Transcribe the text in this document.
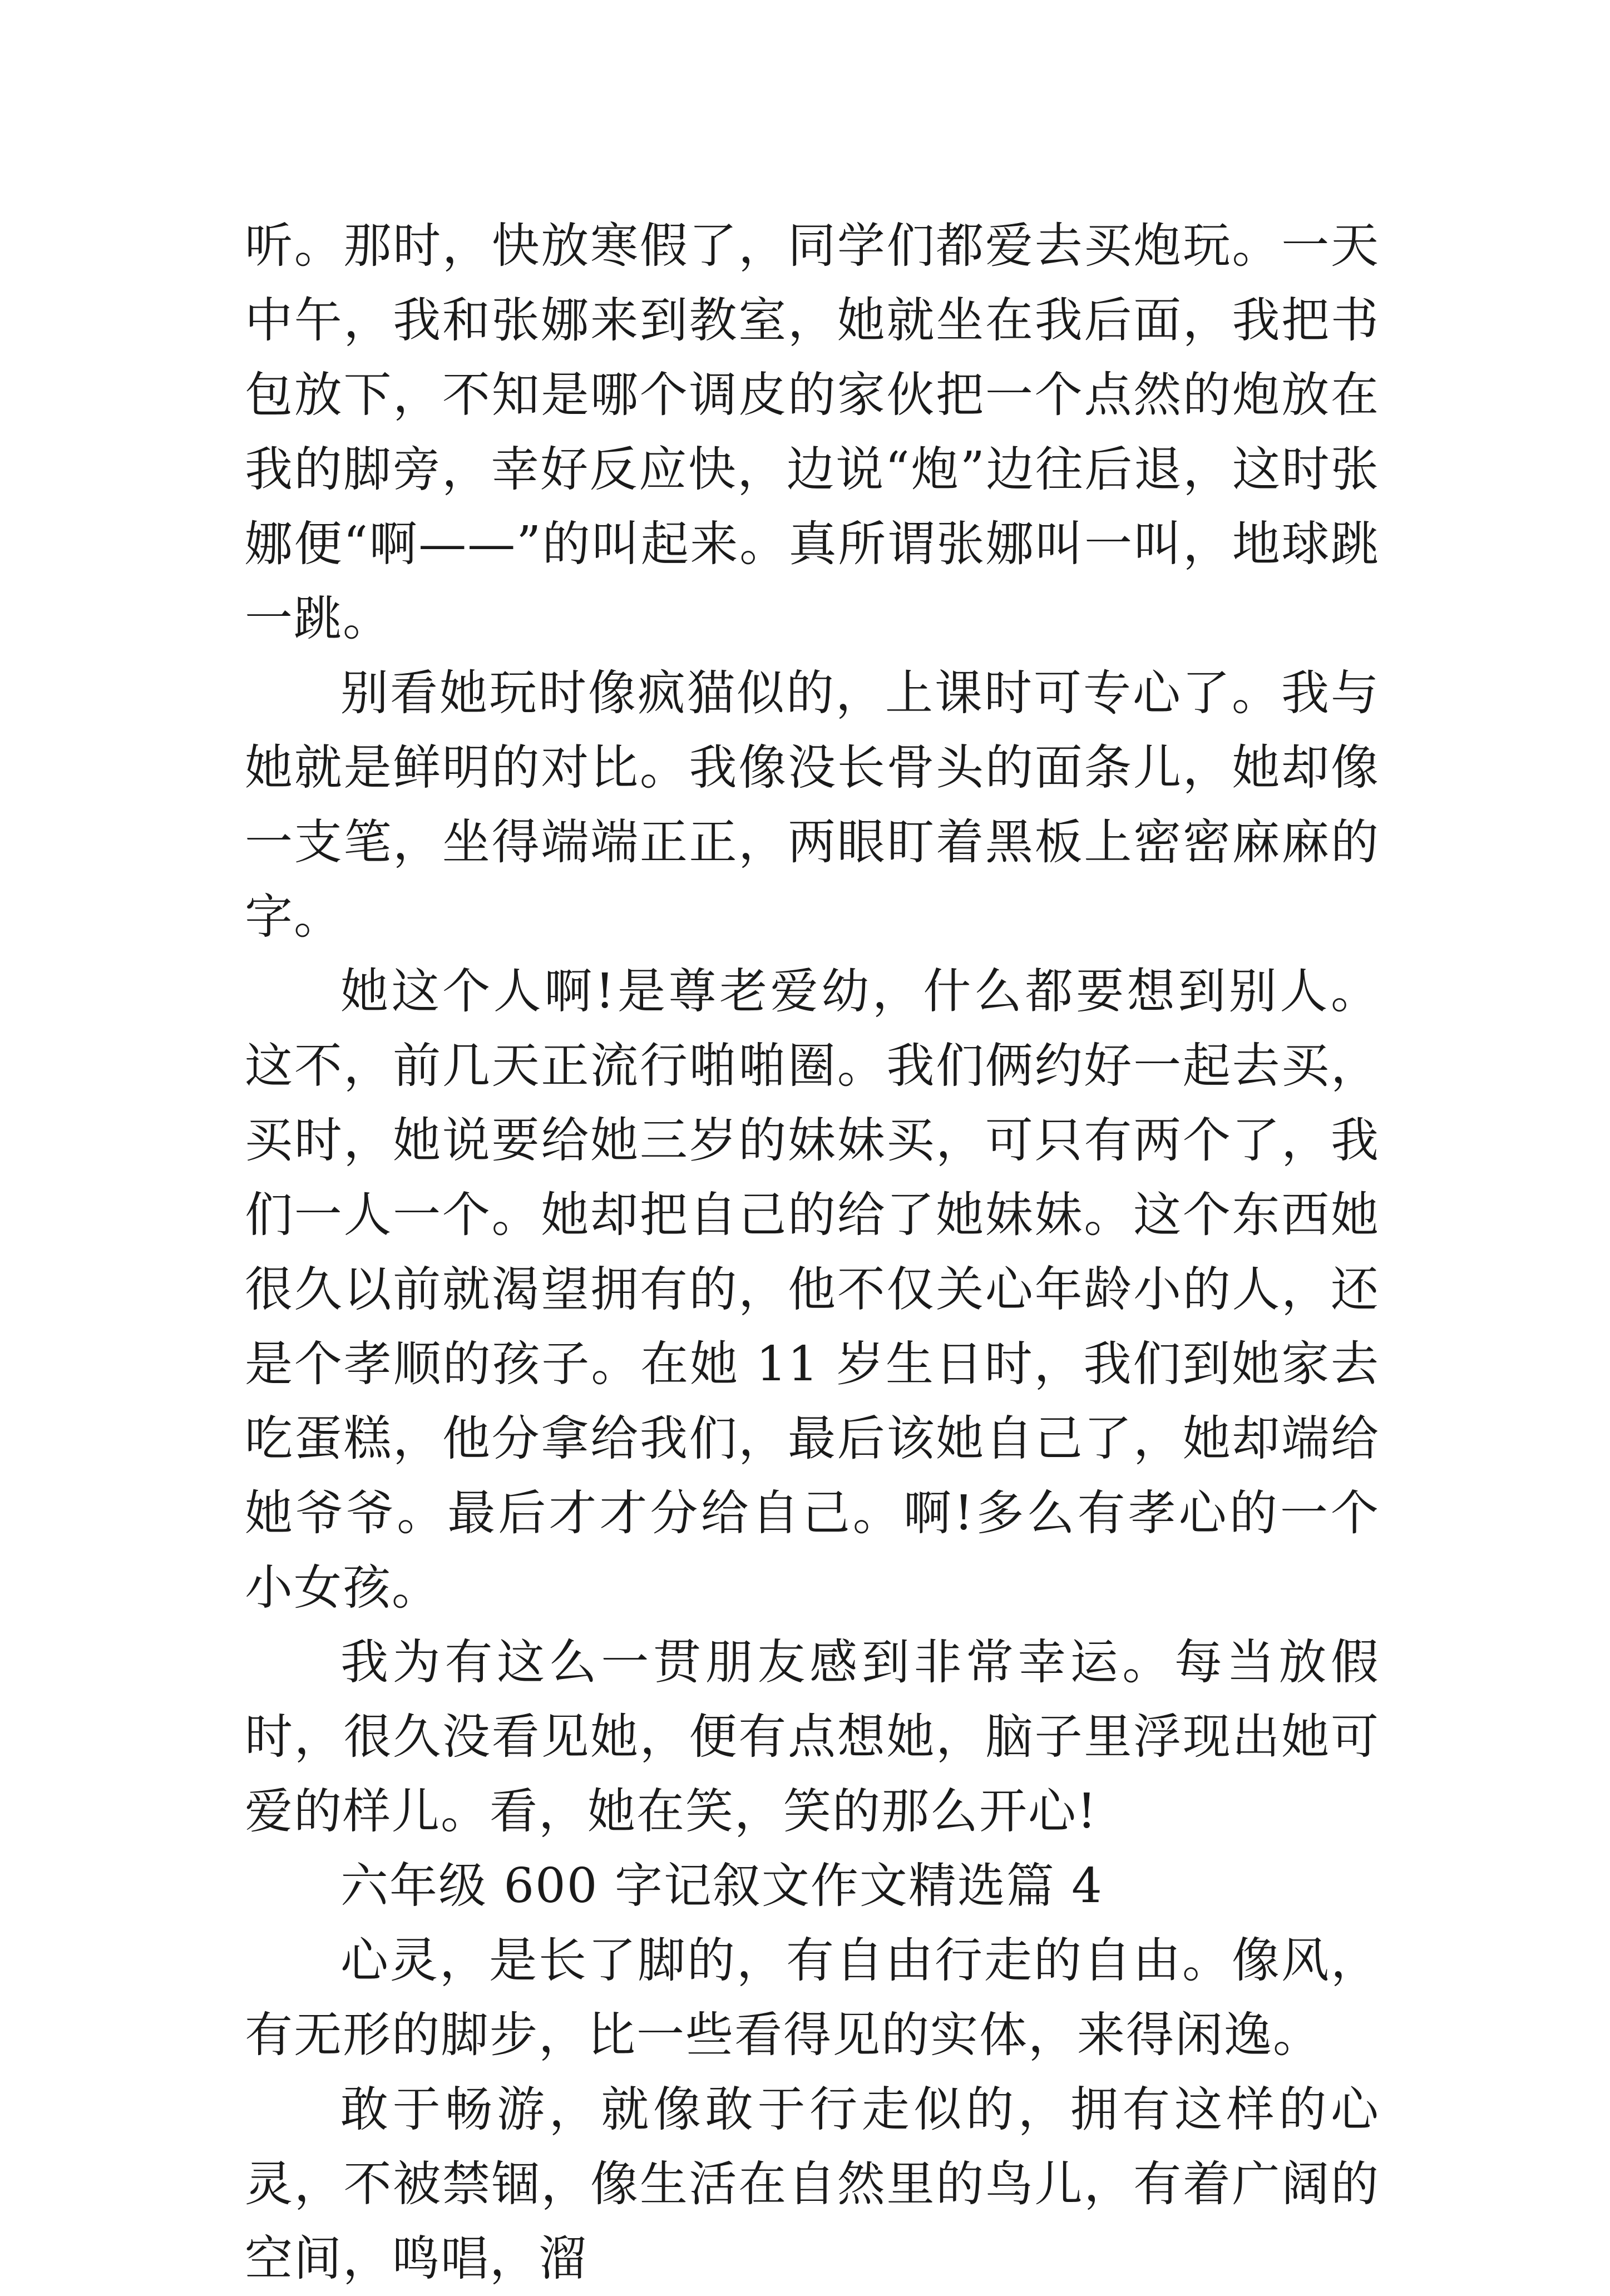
听。那时，快放寒假了，同学们都爱去买炮玩。一天中午，我和张娜来到教室，她就坐在我后面，我把书包放下，不知是哪个调皮的家伙把一个点然的炮放在我的脚旁，幸好反应快，边说“炮”边往后退，这时张娜便“啊——”的叫起来。真所谓张娜叫一叫，地球跳一跳。

别看她玩时像疯猫似的，上课时可专心了。我与她就是鲜明的对比。我像没长骨头的面条儿，她却像一支笔，坐得端端正正，两眼盯着黑板上密密麻麻的字。

她这个人啊!是尊老爱幼，什么都要想到别人。这不，前几天正流行啪啪圈。我们俩约好一起去买，买时，她说要给她三岁的妹妹买，可只有两个了，我们一人一个。她却把自己的给了她妹妹。这个东西她很久以前就渴望拥有的，他不仅关心年龄小的人，还是个孝顺的孩子。在她 11 岁生日时，我们到她家去吃蛋糕，他分拿给我们，最后该她自己了，她却端给她爷爷。最后才才分给自己。啊!多么有孝心的一个小女孩。

我为有这么一贯朋友感到非常幸运。每当放假时，很久没看见她，便有点想她，脑子里浮现出她可爱的样儿。看，她在笑，笑的那么开心!

六年级 600 字记叙文作文精选篇 4

心灵，是长了脚的，有自由行走的自由。像风，有无形的脚步，比一些看得见的实体，来得闲逸。

敢于畅游，就像敢于行走似的，拥有这样的心灵，不被禁锢，像生活在自然里的鸟儿，有着广阔的空间，鸣唱，溜
